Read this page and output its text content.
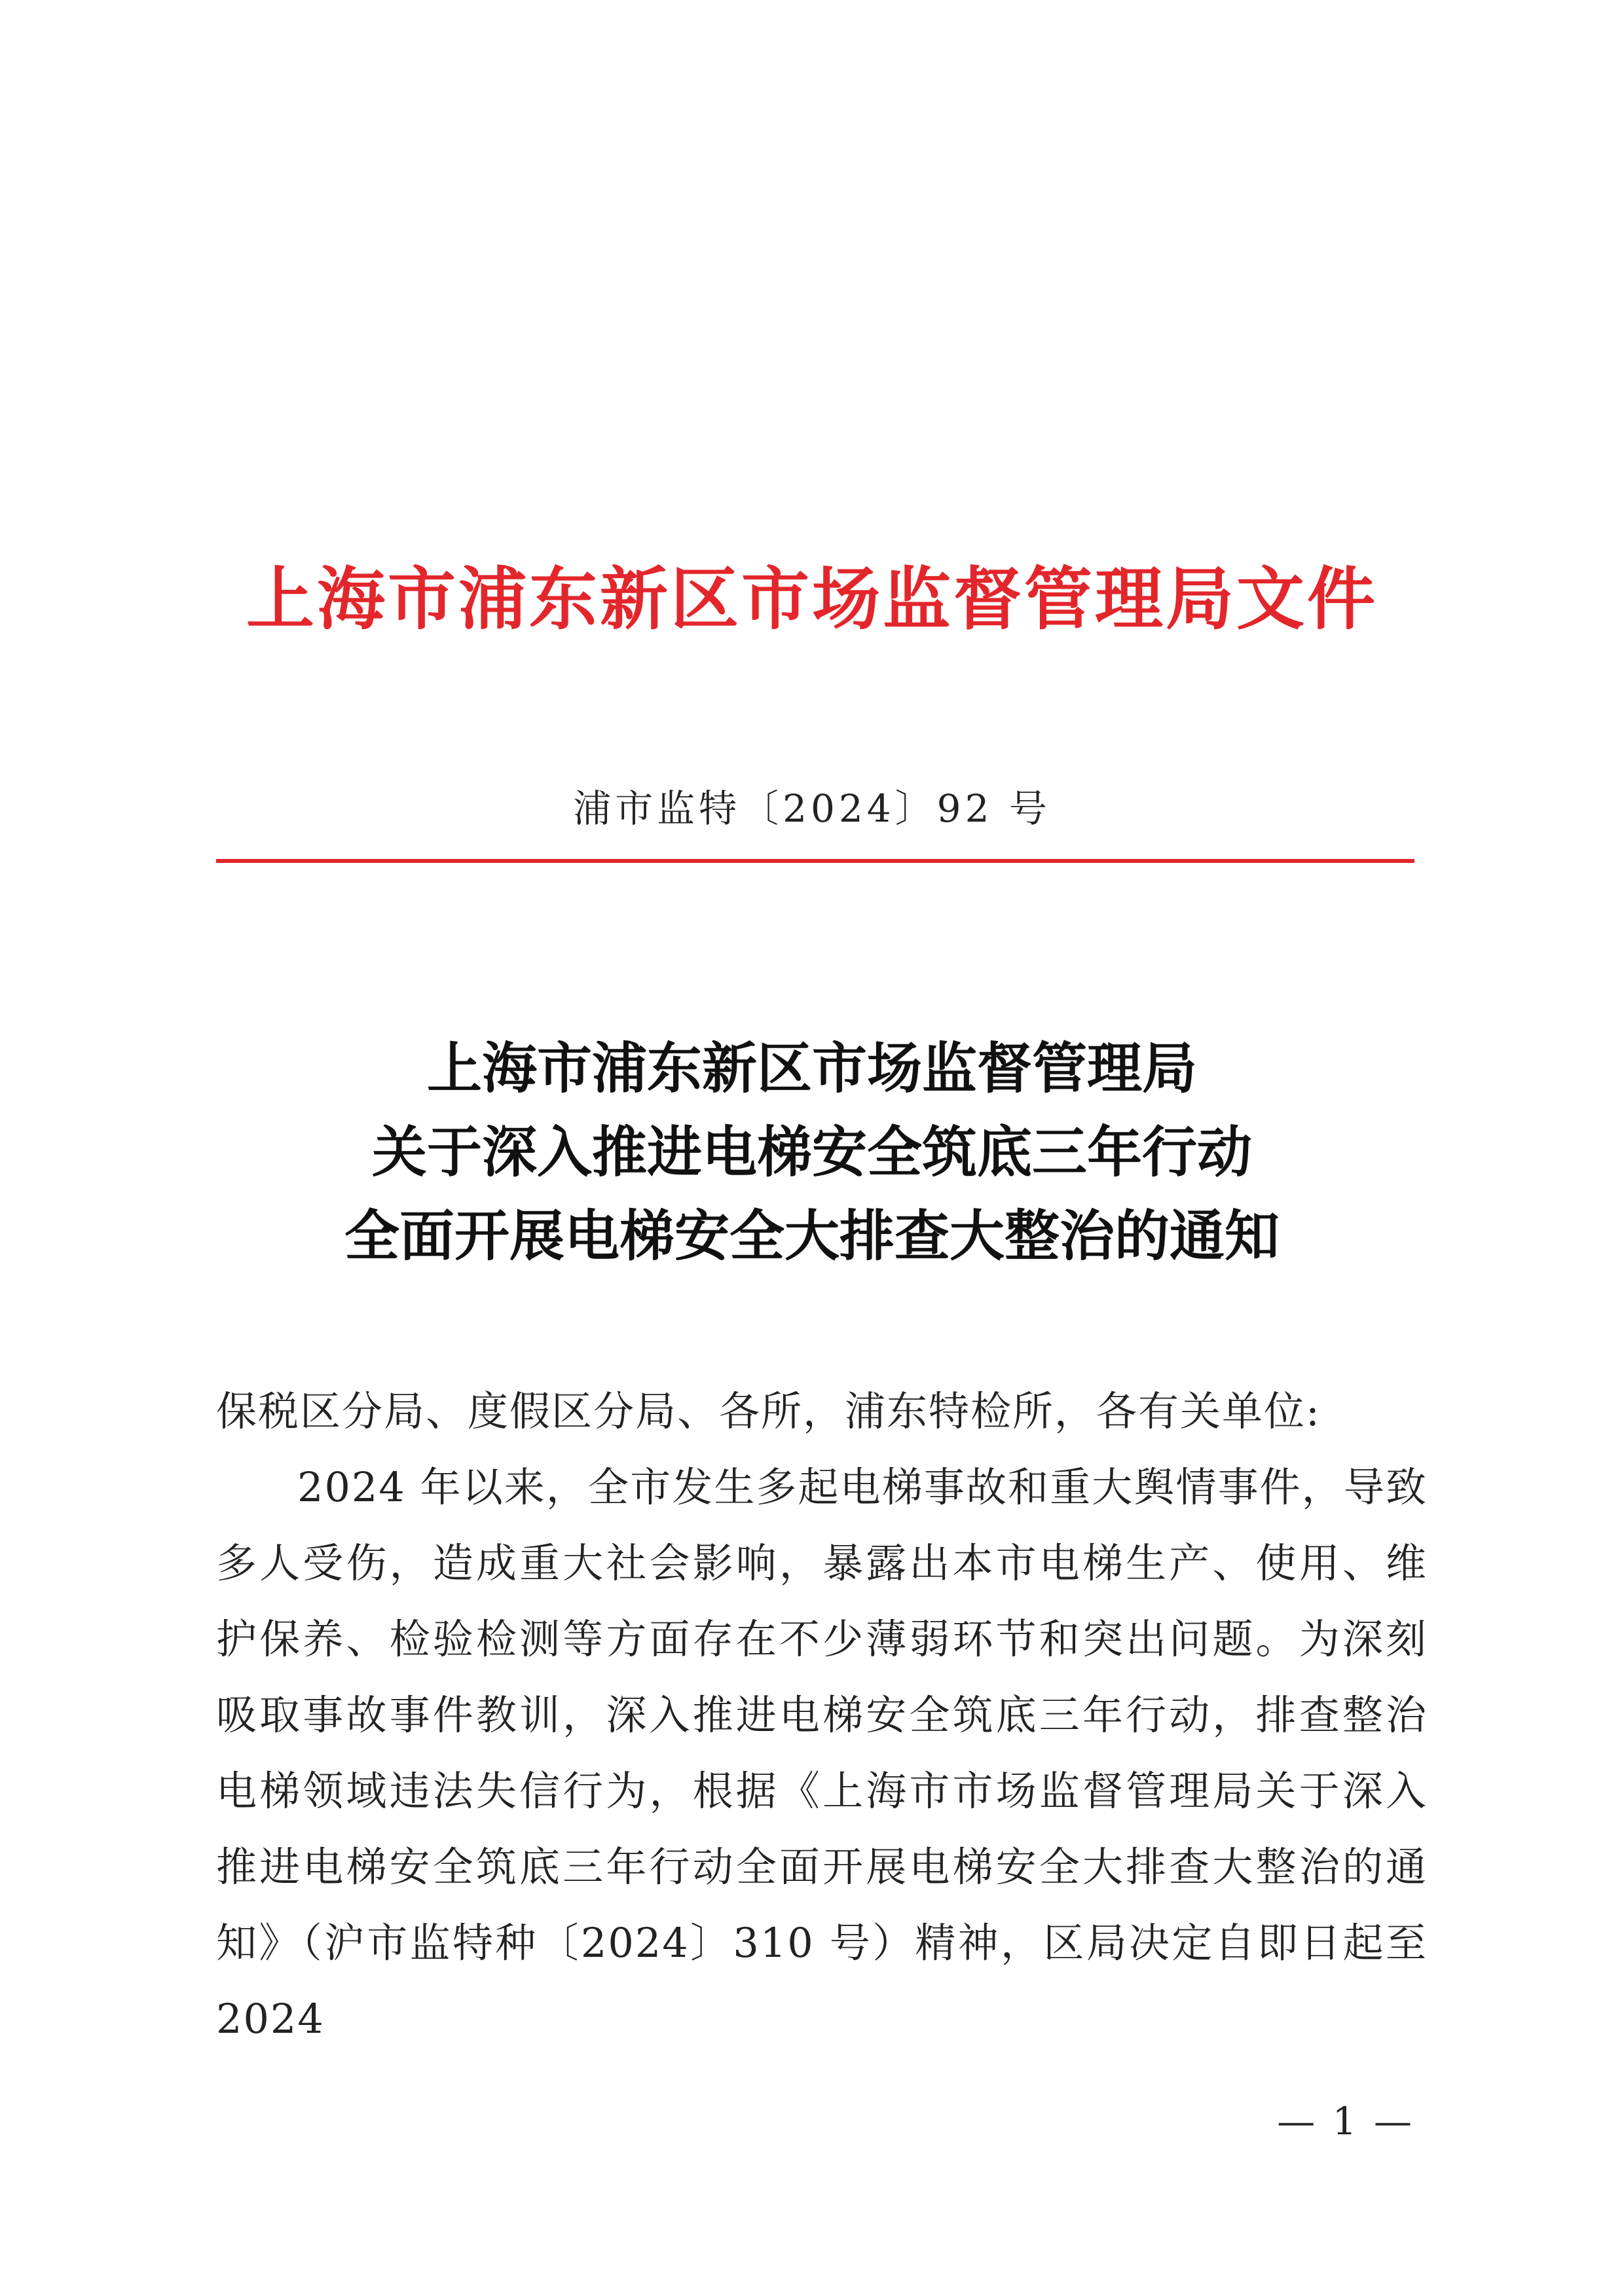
上海市浦东新区市场监督管理局文件
浦市监特〔2024〕92 号
上海市浦东新区市场监督管理局
关于深入推进电梯安全筑底三年行动
全面开展电梯安全大排查大整治的通知

保税区分局、度假区分局、各所，浦东特检所，各有关单位:

2024 年以来，全市发生多起电梯事故和重大舆情事件，导致多人受伤，造成重大社会影响，暴露出本市电梯生产、使用、维护保养、检验检测等方面存在不少薄弱环节和突出问题。为深刻吸取事故事件教训，深入推进电梯安全筑底三年行动，排查整治电梯领域违法失信行为，根据《上海市市场监督管理局关于深入推进电梯安全筑底三年行动全面开展电梯安全大排查大整治的通知》（沪市监特种〔2024〕310 号）精神，区局决定自即日起至 2024

— 1 —
